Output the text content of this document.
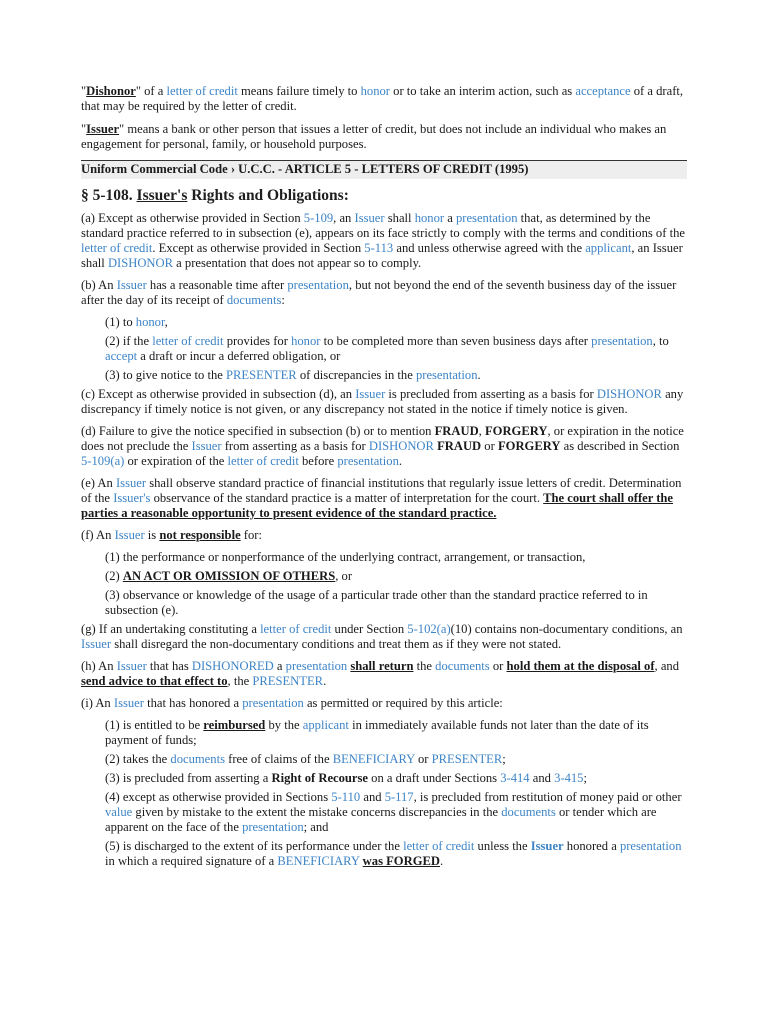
"Dishonor" of a letter of credit means failure timely to honor or to take an interim action, such as acceptance of a draft, that may be required by the letter of credit.

"Issuer" means a bank or other person that issues a letter of credit, but does not include an individual who makes an engagement for personal, family, or household purposes.

Uniform Commercial Code › U.C.C. - ARTICLE 5 - LETTERS OF CREDIT (1995)
§ 5-108. Issuer's Rights and Obligations:

(a) Except as otherwise provided in Section 5-109, an Issuer shall honor a presentation that, as determined by the standard practice referred to in subsection (e), appears on its face strictly to comply with the terms and conditions of the letter of credit. Except as otherwise provided in Section 5-113 and unless otherwise agreed with the applicant, an Issuer shall DISHONOR a presentation that does not appear so to comply.

(b) An Issuer has a reasonable time after presentation, but not beyond the end of the seventh business day of the issuer after the day of its receipt of documents:

(1) to honor,

(2) if the letter of credit provides for honor to be completed more than seven business days after presentation, to accept a draft or incur a deferred obligation, or

(3) to give notice to the PRESENTER of discrepancies in the presentation.

(c) Except as otherwise provided in subsection (d), an Issuer is precluded from asserting as a basis for DISHONOR any discrepancy if timely notice is not given, or any discrepancy not stated in the notice if timely notice is given.

(d) Failure to give the notice specified in subsection (b) or to mention FRAUD, FORGERY, or expiration in the notice does not preclude the Issuer from asserting as a basis for DISHONOR FRAUD or FORGERY as described in Section 5-109(a) or expiration of the letter of credit before presentation.

(e) An Issuer shall observe standard practice of financial institutions that regularly issue letters of credit. Determination of the Issuer's observance of the standard practice is a matter of interpretation for the court. The court shall offer the parties a reasonable opportunity to present evidence of the standard practice.

(f) An Issuer is not responsible for:

(1) the performance or nonperformance of the underlying contract, arrangement, or transaction,

(2) AN ACT OR OMISSION OF OTHERS, or

(3) observance or knowledge of the usage of a particular trade other than the standard practice referred to in subsection (e).

(g) If an undertaking constituting a letter of credit under Section 5-102(a)(10) contains non-documentary conditions, an Issuer shall disregard the non-documentary conditions and treat them as if they were not stated.

(h) An Issuer that has DISHONORED a presentation shall return the documents or hold them at the disposal of, and send advice to that effect to, the PRESENTER.

(i) An Issuer that has honored a presentation as permitted or required by this article:

(1) is entitled to be reimbursed by the applicant in immediately available funds not later than the date of its payment of funds;

(2) takes the documents free of claims of the BENEFICIARY or PRESENTER;

(3) is precluded from asserting a Right of Recourse on a draft under Sections 3-414 and 3-415;

(4) except as otherwise provided in Sections 5-110 and 5-117, is precluded from restitution of money paid or other value given by mistake to the extent the mistake concerns discrepancies in the documents or tender which are apparent on the face of the presentation; and

(5) is discharged to the extent of its performance under the letter of credit unless the Issuer honored a presentation in which a required signature of a BENEFICIARY was FORGED.
